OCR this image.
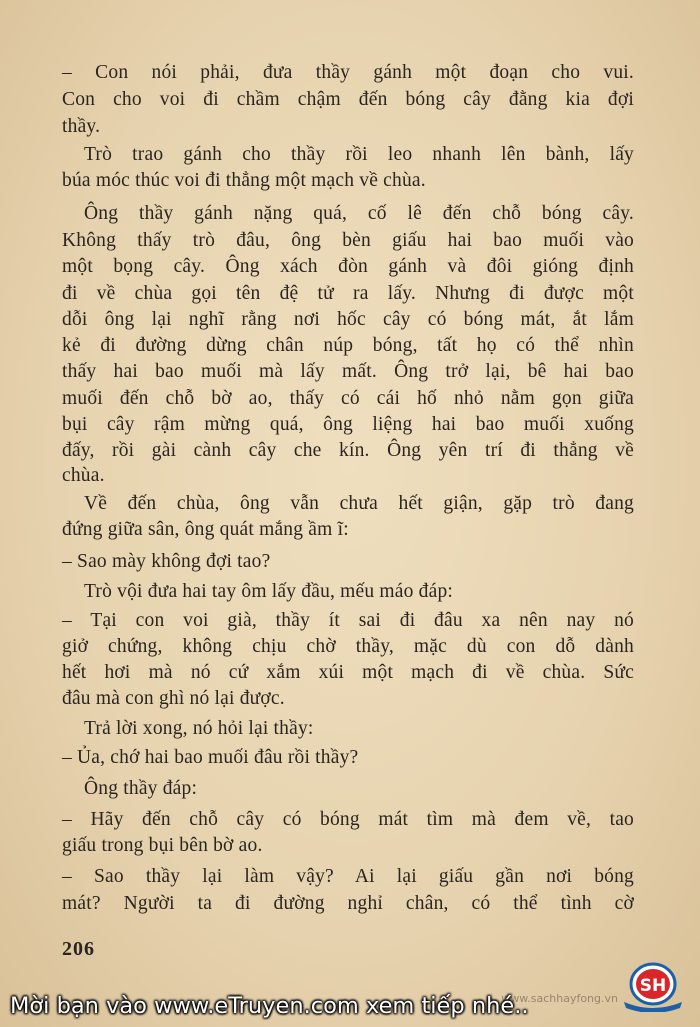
– Con nói phải, đưa thầy gánh một đoạn cho vui.
Con cho voi đi chầm chậm đến bóng cây đằng kia đợi
thầy.
Trò trao gánh cho thầy rồi leo nhanh lên bành, lấy
búa móc thúc voi đi thẳng một mạch về chùa.
Ông thầy gánh nặng quá, cố lê đến chỗ bóng cây.
Không thấy trò đâu, ông bèn giấu hai bao muối vào
một bọng cây. Ông xách đòn gánh và đôi gióng định
đi về chùa gọi tên đệ tử ra lấy. Nhưng đi được một
dỗi ông lại nghĩ rằng nơi hốc cây có bóng mát, ắt lắm
kẻ đi đường dừng chân núp bóng, tất họ có thể nhìn
thấy hai bao muối mà lấy mất. Ông trở lại, bê hai bao
muối đến chỗ bờ ao, thấy có cái hố nhỏ nằm gọn giữa
bụi cây rậm mừng quá, ông liệng hai bao muối xuống
đấy, rồi gài cành cây che kín. Ông yên trí đi thẳng về
chùa.
Về đến chùa, ông vẫn chưa hết giận, gặp trò đang
đứng giữa sân, ông quát mắng ầm ĩ:
– Sao mày không đợi tao?
Trò vội đưa hai tay ôm lấy đầu, mếu máo đáp:
– Tại con voi già, thầy ít sai đi đâu xa nên nay nó
giở chứng, không chịu chờ thầy, mặc dù con dỗ dành
hết hơi mà nó cứ xắm xúi một mạch đi về chùa. Sức
đâu mà con ghì nó lại được.
Trả lời xong, nó hỏi lại thầy:
– Ủa, chớ hai bao muối đâu rồi thầy?
Ông thầy đáp:
– Hãy đến chỗ cây có bóng mát tìm mà đem về, tao
giấu trong bụi bên bờ ao.
– Sao thầy lại làm vậy? Ai lại giấu gần nơi bóng
mát? Người ta đi đường nghỉ chân, có thể tình cờ
206
www.sachhayfong.vn
SH
Mời bạn vào www.eTruyen.com xem tiếp nhé..
